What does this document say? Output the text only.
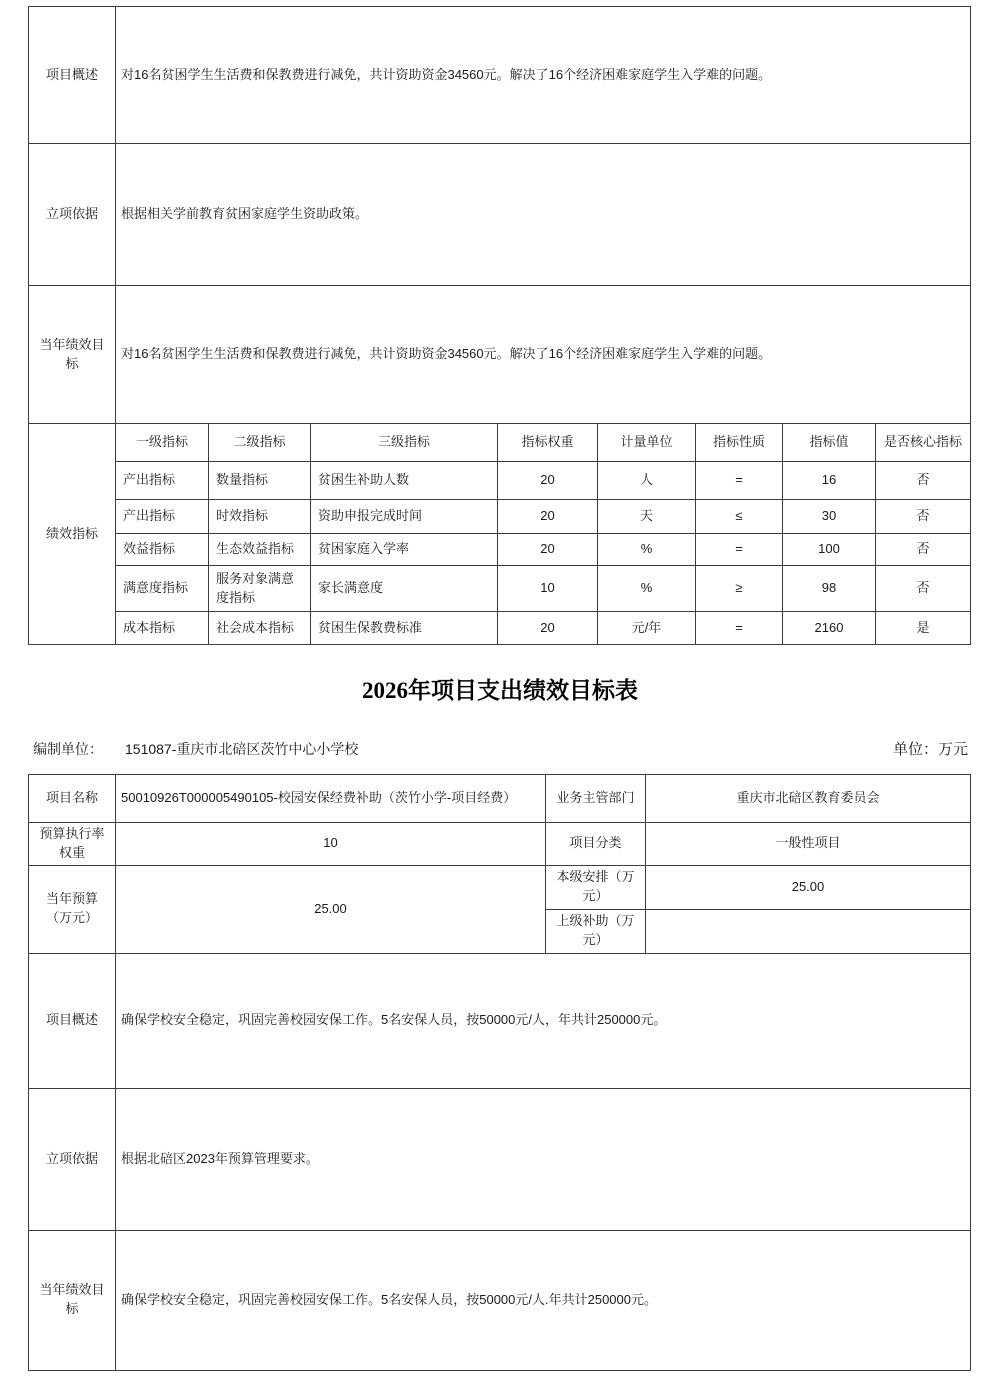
项目概述	对16名贫困学生生活费和保教费进行减免，共计资助资金34560元。解决了16个经济困难家庭学生入学难的问题。							
立项依据	根据相关学前教育贫困家庭学生资助政策。							
当年绩效目标	对16名贫困学生生活费和保教费进行减免，共计资助资金34560元。解决了16个经济困难家庭学生入学难的问题。							
绩效指标	一级指标	二级指标	三级指标	指标权重	计量单位	指标性质	指标值	是否核心指标
	产出指标	数量指标	贫困生补助人数	20	人	=	16	否
	产出指标	时效指标	资助申报完成时间	20	天	≤	30	否
	效益指标	生态效益指标	贫困家庭入学率	20	%	=	100	否
	满意度指标	服务对象满意度指标	家长满意度	10	%	≥	98	否
	成本指标	社会成本指标	贫困生保教费标准	20	元/年	=	2160	是
2026年项目支出绩效目标表
编制单位： 151087-重庆市北碚区茨竹中心小学校	单位：万元
项目名称	50010926T000005490105-校园安保经费补助（茨竹小学-项目经费）	业务主管部门	重庆市北碚区教育委员会
预算执行率权重	10	项目分类	一般性项目
当年预算（万元）	25.00	本级安排（万元）	25.00
		上级补助（万元）	
项目概述	确保学校安全稳定，巩固完善校园安保工作。5名安保人员，按50000元/人，年共计250000元。		
立项依据	根据北碚区2023年预算管理要求。		
当年绩效目标	确保学校安全稳定，巩固完善校园安保工作。5名安保人员，按50000元/人.年共计250000元。		
